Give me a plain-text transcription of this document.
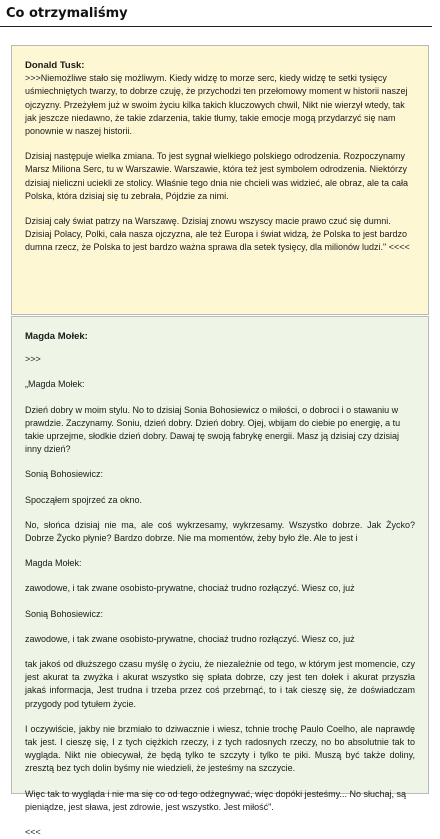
Co otrzymaliśmy

Donald Tusk:

>>>Niemożliwe stało się możliwym. Kiedy widzę to morze serc, kiedy widzę te setki tysięcy uśmiechniętych twarzy, to dobrze czuję, że przychodzi ten przełomowy moment w historii naszej ojczyzny. Przeżyłem już w swoim życiu kilka takich kluczowych chwil, Nikt nie wierzył wtedy, tak jak jeszcze niedawno, że takie zdarzenia, takie tłumy, takie emocje mogą przydarzyć się nam ponownie w naszej historii.

Dzisiaj następuje wielka zmiana. To jest sygnał wielkiego polskiego odrodzenia. Rozpoczynamy Marsz Miliona Serc, tu w Warszawie. Warszawie, która też jest symbolem odrodzenia. Niektórzy dzisiaj nieliczni uciekli ze stolicy. Właśnie tego dnia nie chcieli was widzieć, ale obraz, ale ta cała Polska, która dzisiaj się tu zebrała, Pójdzie za nimi.

Dzisiaj cały świat patrzy na Warszawę. Dzisiaj znowu wszyscy macie prawo czuć się dumni. Dzisiaj Polacy, Polki, cała nasza ojczyzna, ale też Europa i świat widzą, że Polska to jest bardzo dumna rzecz, że Polska to jest bardzo ważna sprawa dla setek tysięcy, dla milionów ludzi." <<<<

Magda Mołek:

>>>

„Magda Mołek:

Dzień dobry w moim stylu. No to dzisiaj Sonia Bohosiewicz o miłości, o dobroci i o stawaniu w prawdzie. Zaczynamy. Soniu, dzień dobry. Dzień dobry. Ojej, wbijam do ciebie po energię, a tu takie uprzejme, słodkie dzień dobry. Dawaj tę swoją fabrykę energii. Masz ją dzisiaj czy dzisiaj inny dzień?

Sonią Bohosiewicz:

Spocząłem spojrzeć za okno.

No, słońca dzisiaj nie ma, ale coś wykrzesamy, wykrzesamy. Wszystko dobrze. Jak Życko? Dobrze Życko płynie? Bardzo dobrze. Nie ma momentów, żeby było źle. Ale to jest i

Magda Mołek:

zawodowe, i tak zwane osobisto-prywatne, chociaż trudno rozłączyć. Wiesz co, już

Sonią Bohosiewicz:

zawodowe, i tak zwane osobisto-prywatne, chociaż trudno rozłączyć. Wiesz co, już

tak jakoś od dłuższego czasu myślę o życiu, że niezależnie od tego, w którym jest momencie, czy jest akurat ta zwyżka i akurat wszystko się spłata dobrze, czy jest ten dołek i akurat przyszła jakaś informacja, Jest trudna i trzeba przez coś przebrnąć, to i tak cieszę się, że doświadczam przygody pod tytułem życie.

I oczywiście, jakby nie brzmiało to dziwacznie i wiesz, tchnie trochę Paulo Coelho, ale naprawdę tak jest. I cieszę się, I z tych ciężkich rzeczy, i z tych radosnych rzeczy, no bo absolutnie tak to wygląda. Nikt nie obiecywał, że będą tylko te szczyty i tylko te piki. Muszą być także doliny, zresztą bez tych dolin byśmy nie wiedzieli, że jesteśmy na szczycie.

Więc tak to wygląda i nie ma się co od tego odżegnywać, więc dopóki jesteśmy... No słuchaj, są pieniądze, jest sława, jest zdrowie, jest wszystko. Jest miłość".

<<<
